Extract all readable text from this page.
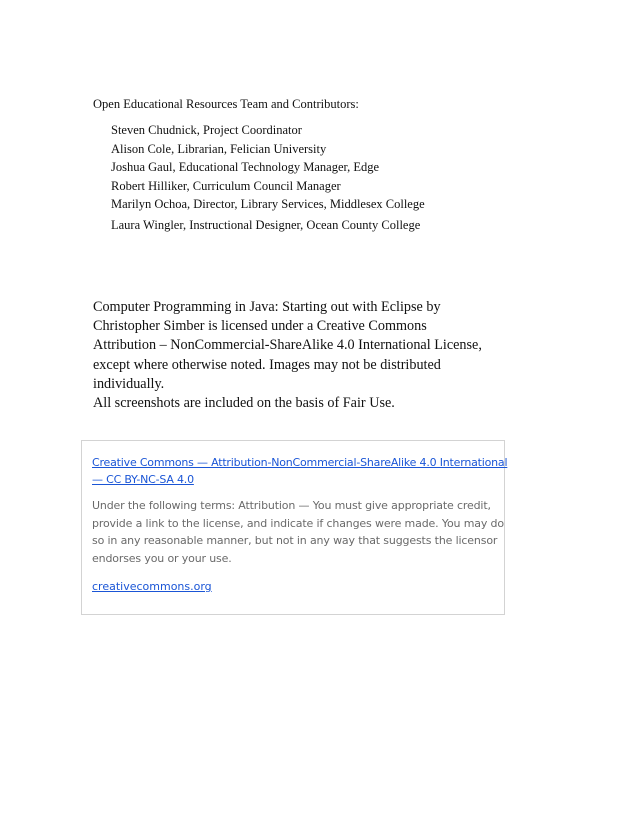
Open Educational Resources Team and Contributors:

Steven Chudnick, Project Coordinator
Alison Cole, Librarian, Felician University
Joshua Gaul, Educational Technology Manager, Edge
Robert Hilliker, Curriculum Council Manager
Marilyn Ochoa, Director, Library Services, Middlesex College
Laura Wingler, Instructional Designer, Ocean County College

Computer Programming in Java: Starting out with Eclipse by
Christopher Simber is licensed under a Creative Commons
Attribution – NonCommercial-ShareAlike 4.0 International License,
except where otherwise noted. Images may not be distributed
individually.
All screenshots are included on the basis of Fair Use.

Creative Commons — Attribution-NonCommercial-ShareAlike 4.0 International
— CC BY-NC-SA 4.0
Under the following terms: Attribution — You must give appropriate credit,
provide a link to the license, and indicate if changes were made. You may do
so in any reasonable manner, but not in any way that suggests the licensor
endorses you or your use.
creativecommons.org
